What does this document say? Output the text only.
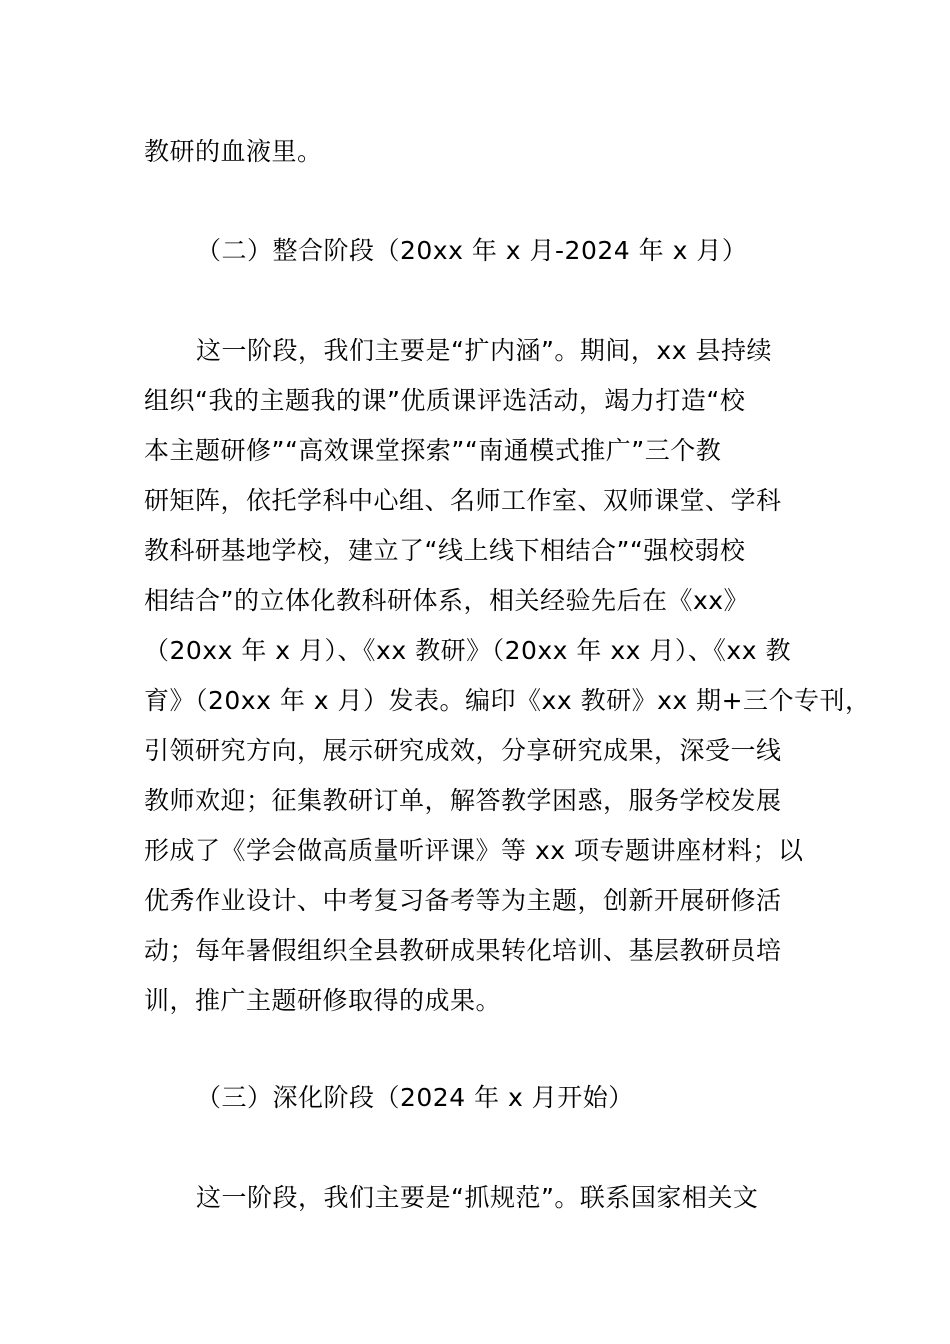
教研的血液里。
（二）整合阶段（20xx 年 x 月-2024 年 x 月）
这一阶段，我们主要是“扩内涵”。期间，xx 县持续
组织“我的主题我的课”优质课评选活动，竭力打造“校
本主题研修”“高效课堂探索”“南通模式推广”三个教
研矩阵，依托学科中心组、名师工作室、双师课堂、学科
教科研基地学校，建立了“线上线下相结合”“强校弱校
相结合”的立体化教科研体系，相关经验先后在《xx》
（20xx 年 x 月）、《xx 教研》（20xx 年 xx 月）、《xx 教
育》（20xx 年 x 月）发表。编印《xx 教研》xx 期+三个专刊，
引领研究方向，展示研究成效，分享研究成果，深受一线
教师欢迎；征集教研订单，解答教学困惑，服务学校发展
形成了《学会做高质量听评课》等 xx 项专题讲座材料；以
优秀作业设计、中考复习备考等为主题，创新开展研修活
动；每年暑假组织全县教研成果转化培训、基层教研员培
训，推广主题研修取得的成果。
（三）深化阶段（2024 年 x 月开始）
这一阶段，我们主要是“抓规范”。联系国家相关文
